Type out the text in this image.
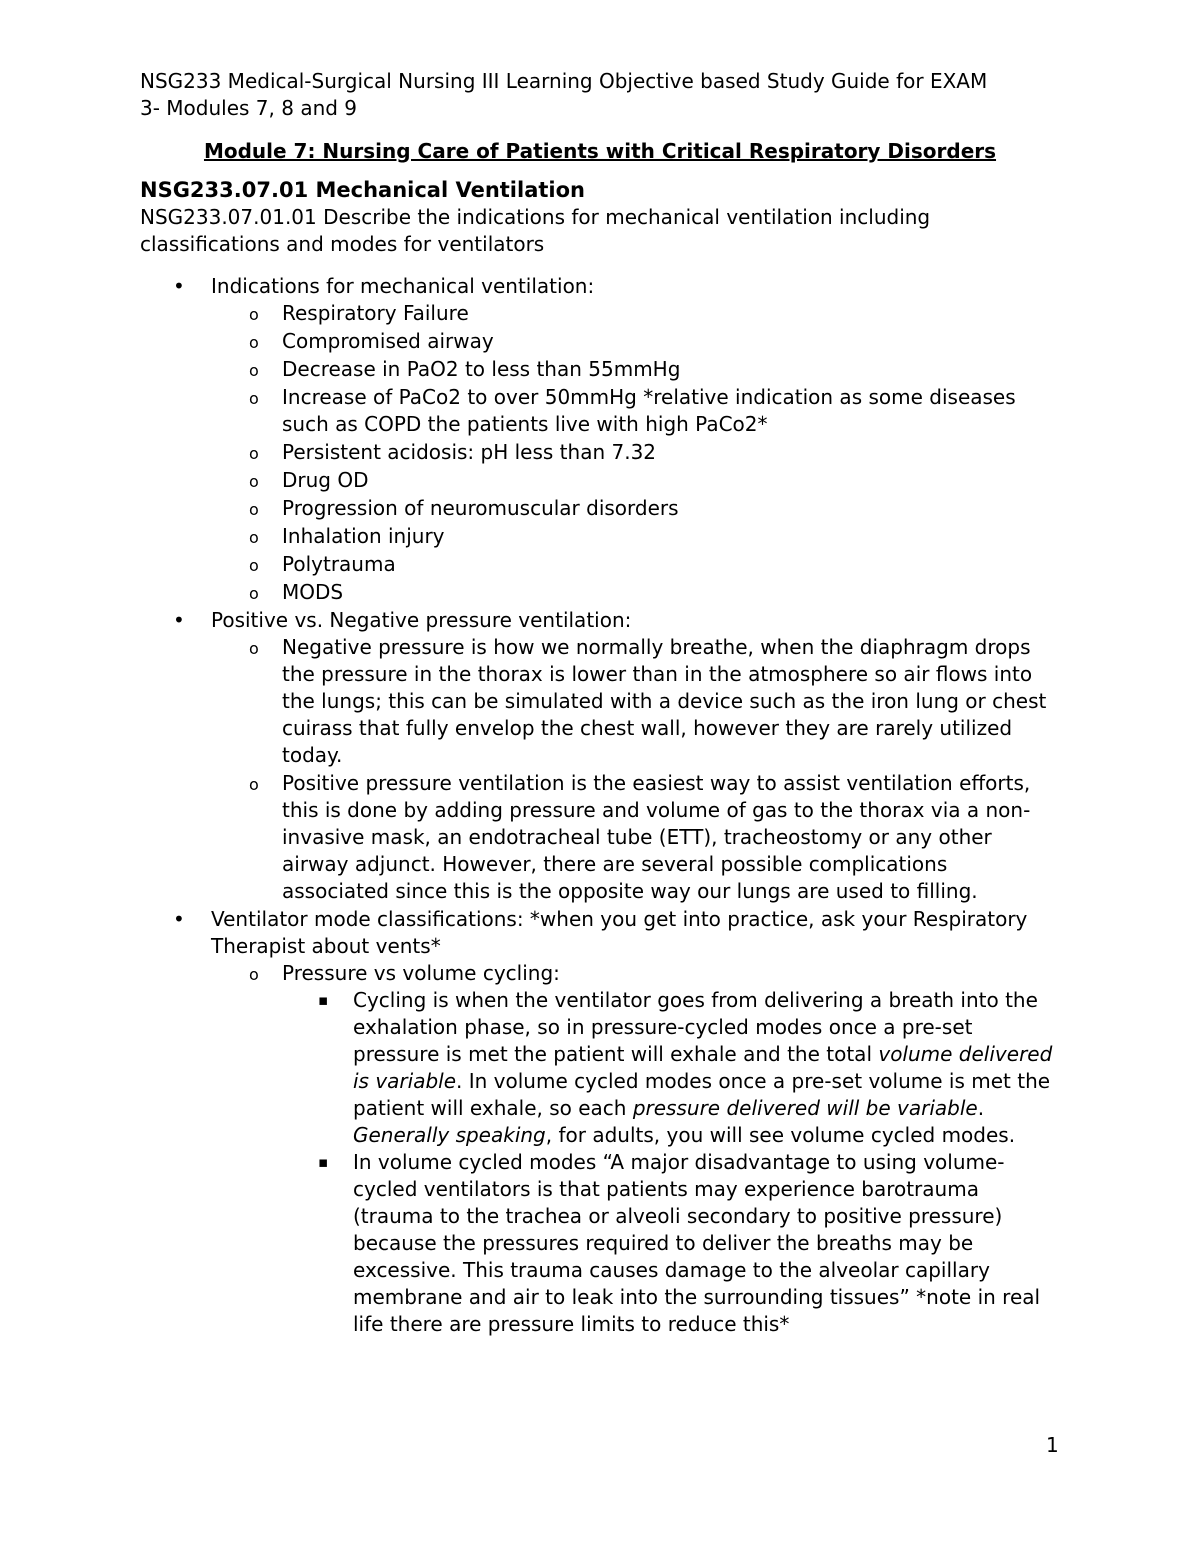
NSG233 Medical-Surgical Nursing III Learning Objective based Study Guide for EXAM
3- Modules 7, 8 and 9
Module 7: Nursing Care of Patients with Critical Respiratory Disorders
NSG233.07.01 Mechanical Ventilation
NSG233.07.01.01 Describe the indications for mechanical ventilation including
classifications and modes for ventilators
• Indications for mechanical ventilation:
o Respiratory Failure
o Compromised airway
o Decrease in PaO2 to less than 55mmHg
o Increase of PaCo2 to over 50mmHg *relative indication as some diseases such as COPD the patients live with high PaCo2*
o Persistent acidosis: pH less than 7.32
o Drug OD
o Progression of neuromuscular disorders
o Inhalation injury
o Polytrauma
o MODS
• Positive vs. Negative pressure ventilation:
o Negative pressure is how we normally breathe, when the diaphragm drops the pressure in the thorax is lower than in the atmosphere so air flows into the lungs; this can be simulated with a device such as the iron lung or chest cuirass that fully envelop the chest wall, however they are rarely utilized today.
o Positive pressure ventilation is the easiest way to assist ventilation efforts, this is done by adding pressure and volume of gas to the thorax via a non-invasive mask, an endotracheal tube (ETT), tracheostomy or any other airway adjunct. However, there are several possible complications associated since this is the opposite way our lungs are used to filling.
• Ventilator mode classifications: *when you get into practice, ask your Respiratory Therapist about vents*
o Pressure vs volume cycling:
▪ Cycling is when the ventilator goes from delivering a breath into the exhalation phase, so in pressure-cycled modes once a pre-set pressure is met the patient will exhale and the total volume delivered is variable. In volume cycled modes once a pre-set volume is met the patient will exhale, so each pressure delivered will be variable. Generally speaking, for adults, you will see volume cycled modes.
▪ In volume cycled modes “A major disadvantage to using volume-cycled ventilators is that patients may experience barotrauma (trauma to the trachea or alveoli secondary to positive pressure) because the pressures required to deliver the breaths may be excessive. This trauma causes damage to the alveolar capillary membrane and air to leak into the surrounding tissues” *note in real life there are pressure limits to reduce this*
1
